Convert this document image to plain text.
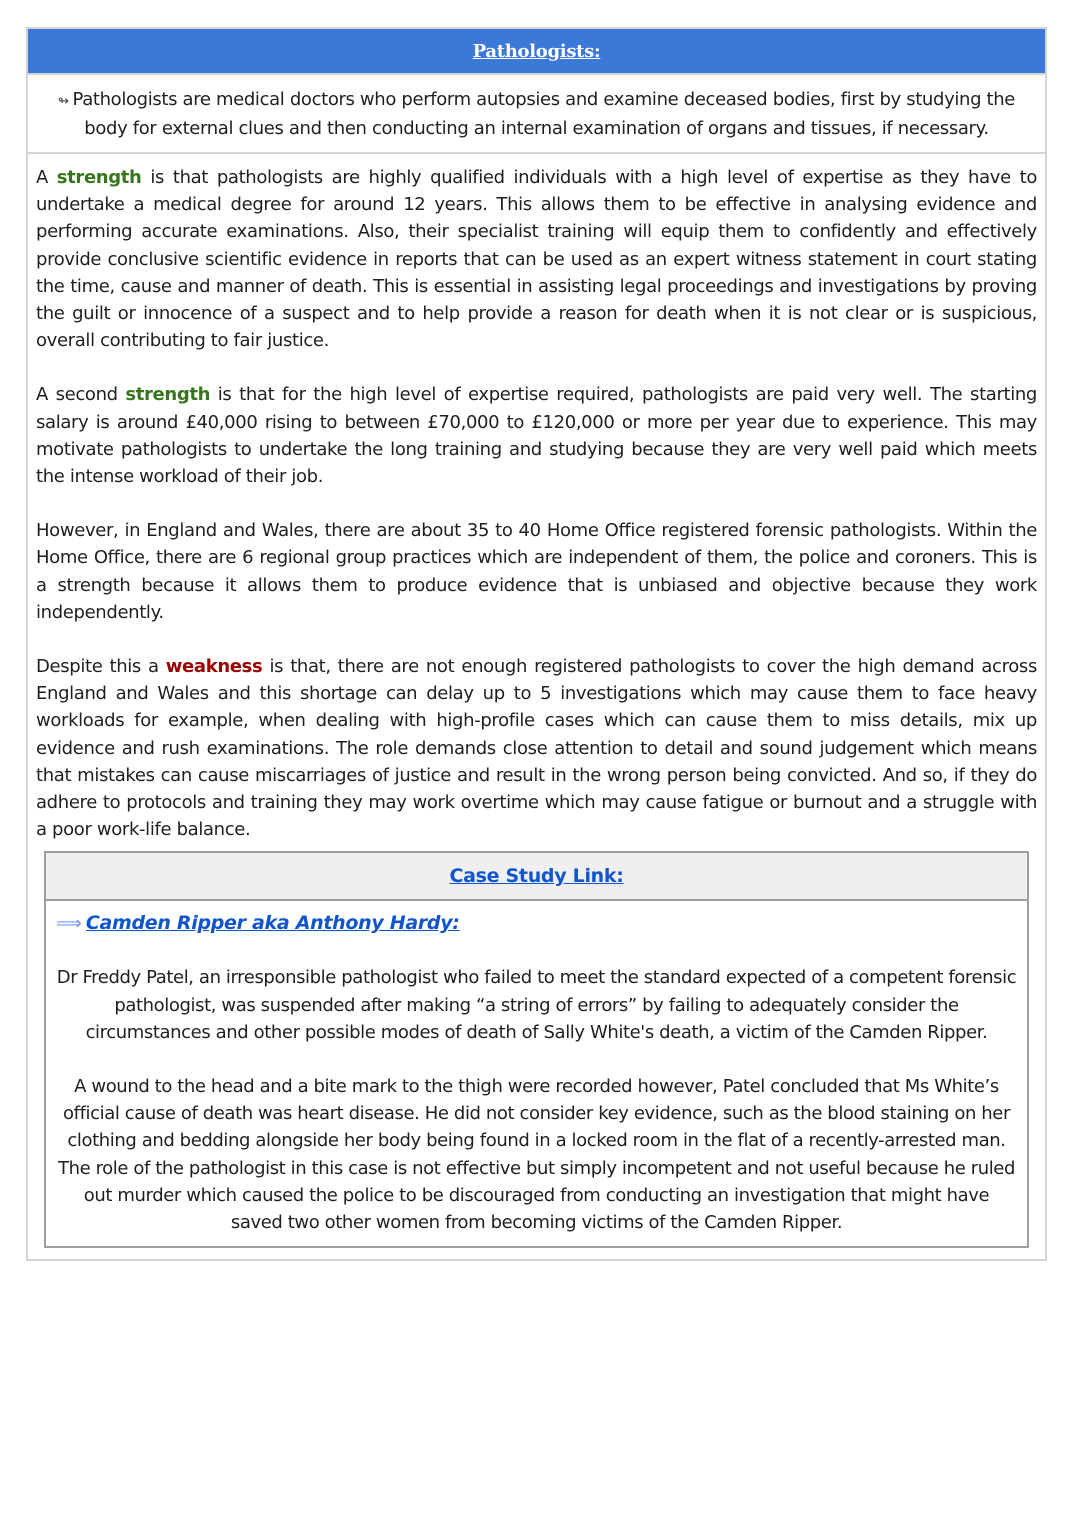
Pathologists:
↬ Pathologists are medical doctors who perform autopsies and examine deceased bodies, first by studying the body for external clues and then conducting an internal examination of organs and tissues, if necessary.

A strength is that pathologists are highly qualified individuals with a high level of expertise as they have to undertake a medical degree for around 12 years. This allows them to be effective in analysing evidence and performing accurate examinations. Also, their specialist training will equip them to confidently and effectively provide conclusive scientific evidence in reports that can be used as an expert witness statement in court stating the time, cause and manner of death. This is essential in assisting legal proceedings and investigations by proving the guilt or innocence of a suspect and to help provide a reason for death when it is not clear or is suspicious, overall contributing to fair justice.

A second strength is that for the high level of expertise required, pathologists are paid very well. The starting salary is around £40,000 rising to between £70,000 to £120,000 or more per year due to experience. This may motivate pathologists to undertake the long training and studying because they are very well paid which meets the intense workload of their job.

However, in England and Wales, there are about 35 to 40 Home Office registered forensic pathologists. Within the Home Office, there are 6 regional group practices which are independent of them, the police and coroners. This is a strength because it allows them to produce evidence that is unbiased and objective because they work independently.

Despite this a weakness is that, there are not enough registered pathologists to cover the high demand across England and Wales and this shortage can delay up to 5 investigations which may cause them to face heavy workloads for example, when dealing with high-profile cases which can cause them to miss details, mix up evidence and rush examinations. The role demands close attention to detail and sound judgement which means that mistakes can cause miscarriages of justice and result in the wrong person being convicted. And so, if they do adhere to protocols and training they may work overtime which may cause fatigue or burnout and a struggle with a poor work-life balance.

Case Study Link:
⟹ Camden Ripper aka Anthony Hardy:

Dr Freddy Patel, an irresponsible pathologist who failed to meet the standard expected of a competent forensic pathologist, was suspended after making “a string of errors” by failing to adequately consider the circumstances and other possible modes of death of Sally White's death, a victim of the Camden Ripper.

A wound to the head and a bite mark to the thigh were recorded however, Patel concluded that Ms White’s official cause of death was heart disease. He did not consider key evidence, such as the blood staining on her clothing and bedding alongside her body being found in a locked room in the flat of a recently-arrested man. The role of the pathologist in this case is not effective but simply incompetent and not useful because he ruled out murder which caused the police to be discouraged from conducting an investigation that might have saved two other women from becoming victims of the Camden Ripper.
